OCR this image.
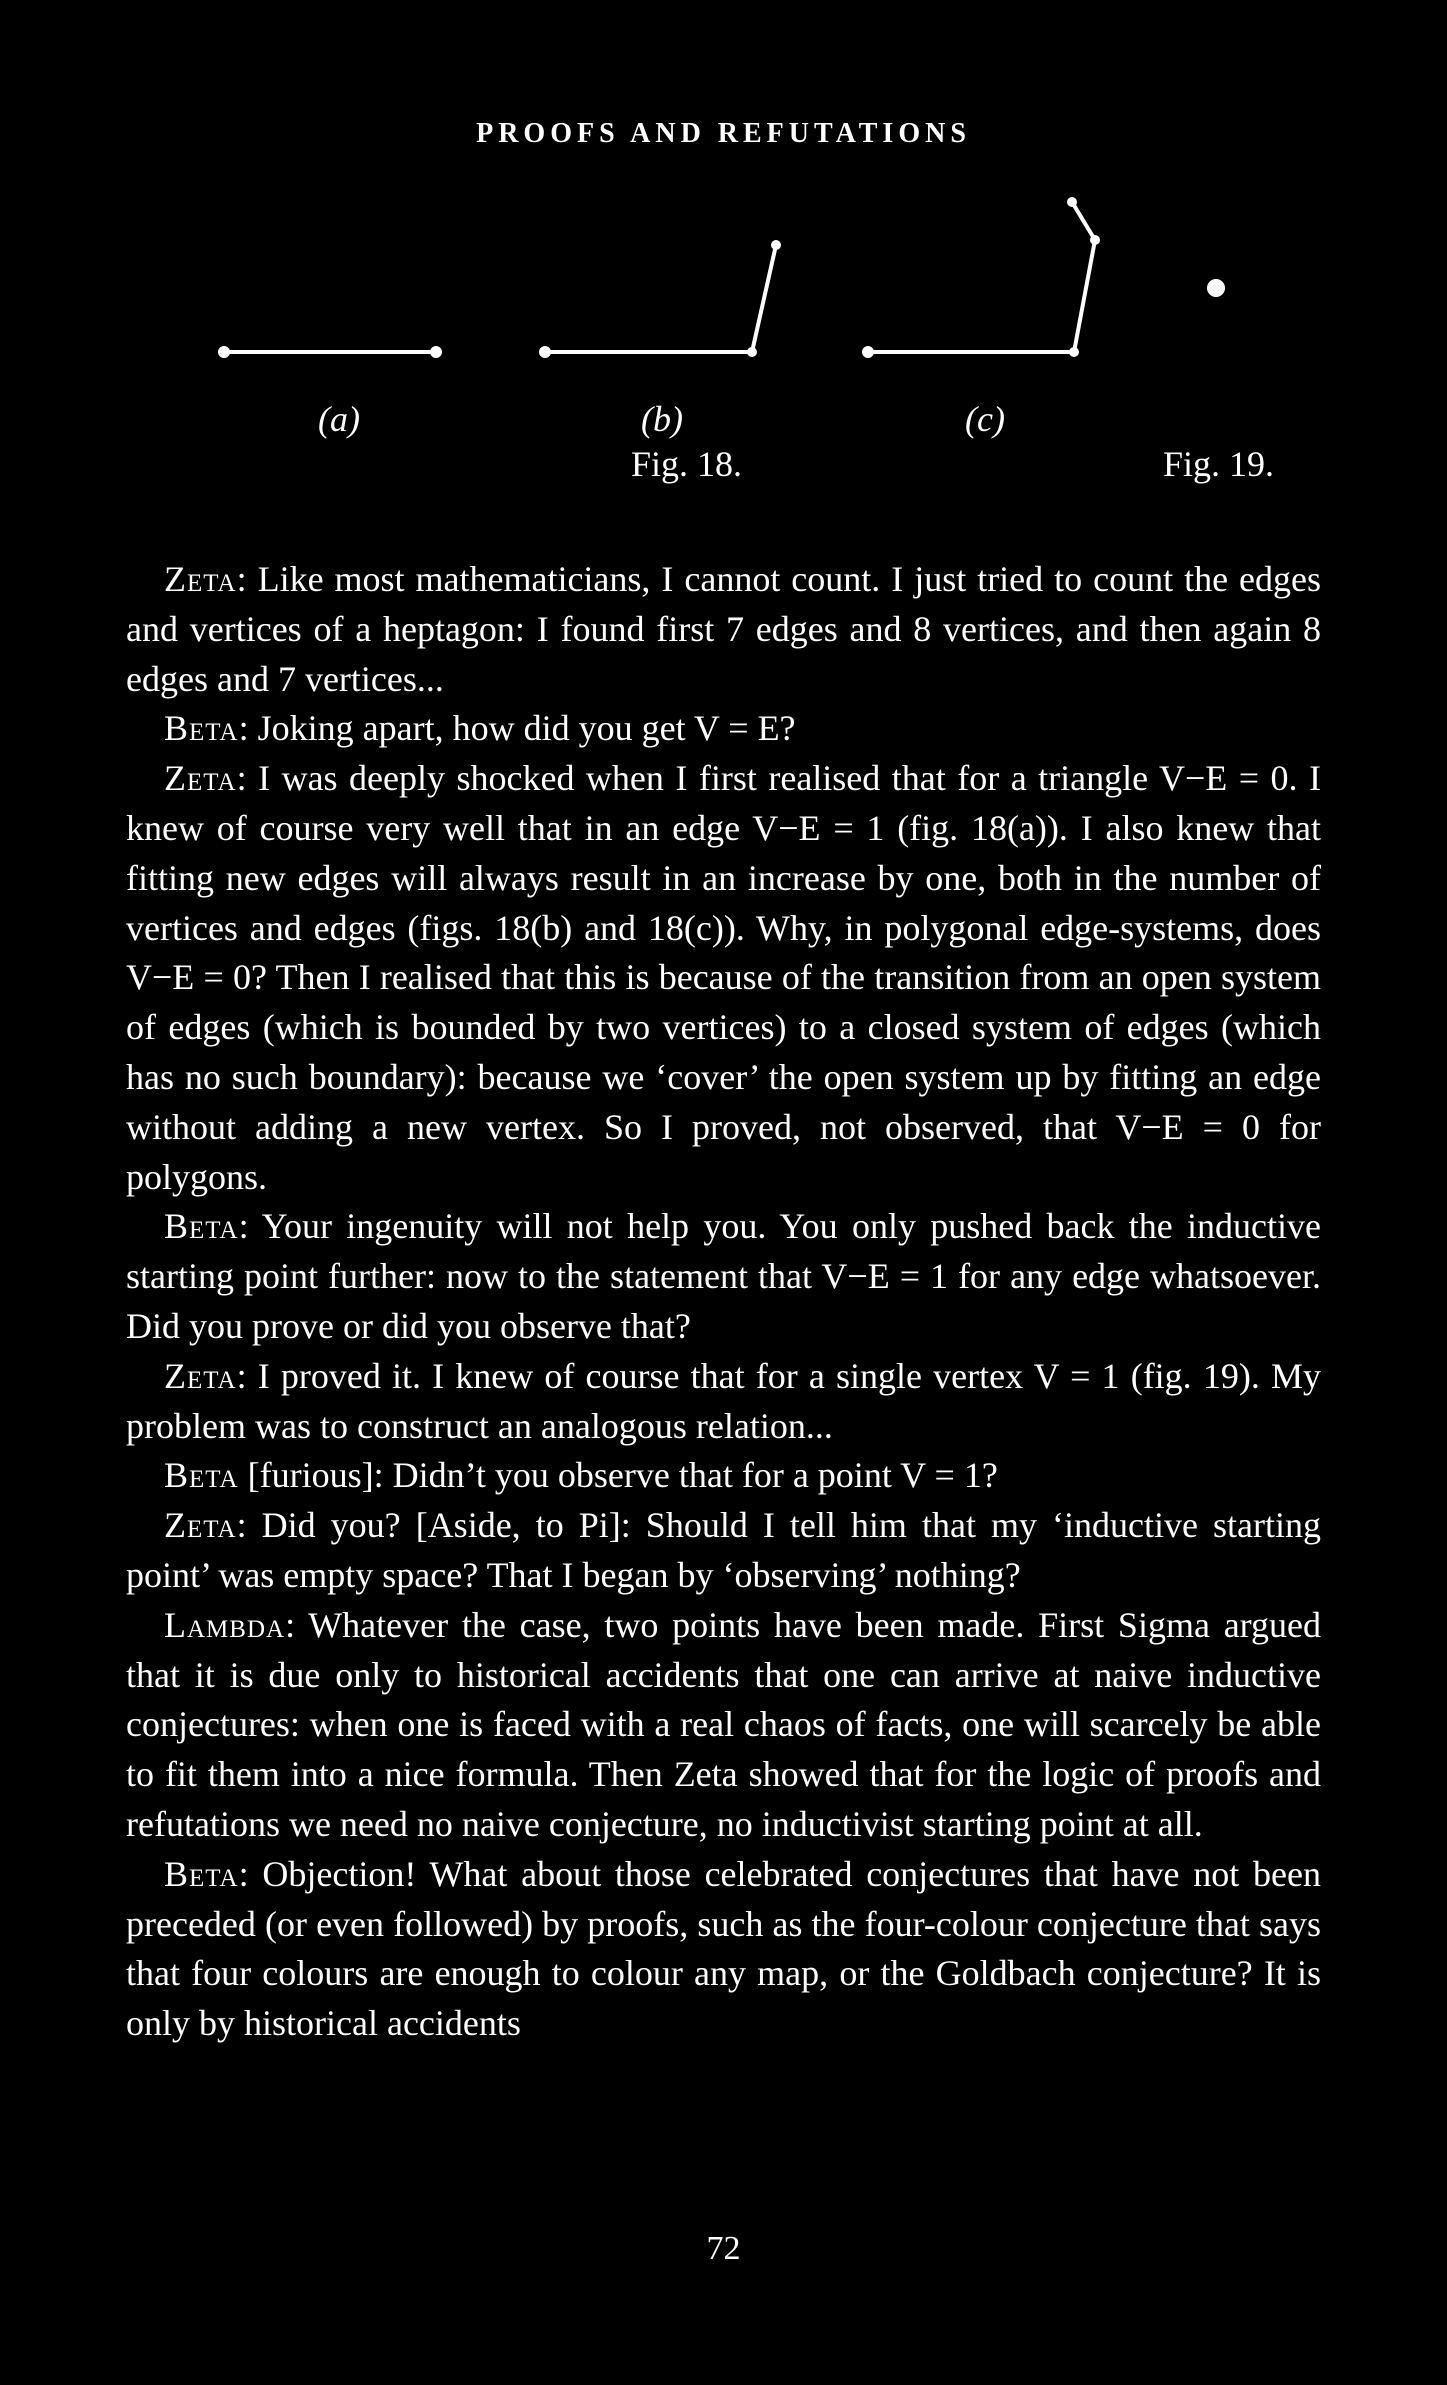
PROOFS AND REFUTATIONS
(a)	(b)	(c)
Fig. 18.	Fig. 19.

Zeta: Like most mathematicians, I cannot count. I just tried to count the edges and vertices of a heptagon: I found first 7 edges and 8 vertices, and then again 8 edges and 7 vertices...

Beta: Joking apart, how did you get V = E?

Zeta: I was deeply shocked when I first realised that for a triangle V−E = 0. I knew of course very well that in an edge V−E = 1 (fig. 18(a)). I also knew that fitting new edges will always result in an increase by one, both in the number of vertices and edges (figs. 18(b) and 18(c)). Why, in polygonal edge-systems, does V−E = 0? Then I realised that this is because of the transition from an open system of edges (which is bounded by two vertices) to a closed system of edges (which has no such boundary): because we ‘cover’ the open system up by fitting an edge without adding a new vertex. So I proved, not observed, that V−E = 0 for polygons.

Beta: Your ingenuity will not help you. You only pushed back the inductive starting point further: now to the statement that V−E = 1 for any edge whatsoever. Did you prove or did you observe that?

Zeta: I proved it. I knew of course that for a single vertex V = 1 (fig. 19). My problem was to construct an analogous relation...

Beta [furious]: Didn’t you observe that for a point V = 1?

Zeta: Did you? [Aside, to Pi]: Should I tell him that my ‘inductive starting point’ was empty space? That I began by ‘observing’ nothing?

Lambda: Whatever the case, two points have been made. First Sigma argued that it is due only to historical accidents that one can arrive at naive inductive conjectures: when one is faced with a real chaos of facts, one will scarcely be able to fit them into a nice formula. Then Zeta showed that for the logic of proofs and refutations we need no naive conjecture, no inductivist starting point at all.

Beta: Objection! What about those celebrated conjectures that have not been preceded (or even followed) by proofs, such as the four-colour conjecture that says that four colours are enough to colour any map, or the Goldbach conjecture? It is only by historical accidents

72
